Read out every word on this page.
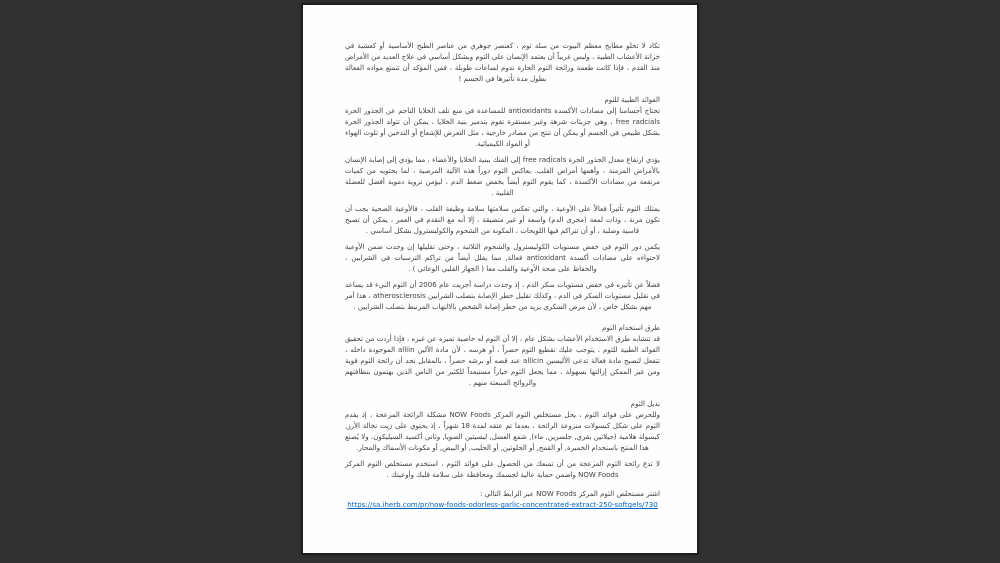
تكاد لا تخلو مطابخ معظم البيوت من سلة ثوم ، كعنصر جوهري من عناصر الطبخ الأساسية أو كعشبة في خزانة الأعشاب الطبية ، وليس غريباً أن يعتمد الإنسان على الثوم وبشكل أساسي في علاج العديد من الأمراض منذ القدم ، فإذا كانت طعمة ورائحة الثوم الحارة تدوم لساعات طويلة ، فمن المؤكد أن تتمتع مواده الفعالة بطول مدة تأثيرها في الجسم !

الفوائد الطبية للثوم

تحتاج أجسامنا إلى مضادات الأكسدة antioxidants للمساعدة في منع تلف الخلايا الناجم عن الجذور الحرة free radcials ، وهي جزيئات شرهة وغير مستقرة تقوم بتدمير بنية الخلايا ، يمكن أن تتولد الجذور الحرة بشكل طبيعي في الجسم أو يمكن أن تنتج من مصادر خارجية ، مثل التعرض للإشعاع أو التدخين أو تلوث الهواء أو المواد الكيميائية.

يؤدي ارتفاع معدل الجذور الحرة free radicals إلى الفتك ببنية الخلايا والأعضاء ، مما يؤدي إلى إصابة الإنسان بالأمراض المزمنة ، وأهمها أمراض القلب. يعاكس الثوم دوراً هذه الآلية المرضية ، لما يحتويه من كميات مرتفعة من مضادات الأكسدة ، كما يقوم الثوم أيضاً بخفض ضغط الدم ، ليؤمن تروية دموية أفضل للعضلة القلبية .

يمتلك الثوم تأثيراً فعالاً على الأوعية ، والتي تعكس سلامتها سلامة وظيفة القلب ، فالأوعية الصحية يجب أن تكون مرنة ، وذات لمعة (مجرى الدم) واسعة أو غير متضيقة ، إلا أنه مع التقدم في العمر ، يمكن أن تصبح قاسية وصلبة ، أو أن تتراكم فيها اللويحات ، المكونة من الشحوم والكوليسترول بشكل أساسي .

يكمن دور الثوم في خفض مستويات الكوليسترول والشحوم الثلاثية ، وحتى تقليلها إن وجدت ضمن الأوعية لاحتواءه على مضادات أكسدة antioxidant فعالة, مما يقلل أيضاً من تراكم الترسبات في الشرايين ، والحفاظ على صحة الأوعية والقلب معا ( الجهاز القلبي الوعائي ) .

فضلاً عن تأثيره في خفض مستويات سكر الدم ، إذ وجدت دراسة أجريت عام 2006 أن الثوم النيء قد يساعد في تقليل مستويات السكر في الدم ، وكذلك تقليل خطر الإصابة بتصلب الشرايين atherosclerosis ، هذا أمر مهم بشكل خاص ، لأن مرض السكري يزيد من خطر إصابة الشخص بالالتهاب المرتبط بتصلب الشرايين .

طرق استخدام الثوم

قد تتشابه طرق الاستخدام الأعشاب بشكل عام ، إلا أن الثوم له خاصية تميزه عن غيره ، فإذا أردت من تحقيق الفوائد الطبية للثوم ، يتوجب عليك تقطيع الثوم حصراً ، أو هرسه ، لأن مادة الألين alliin الموجودة داخله ، تتفعل لتصبح مادة فعالة تدعى الأليسين allicin عند قصه أو برشه حصراً ، بالمقابل نجد أن رائحة الثوم قوية ومن غير الممكن إزالتها بسهولة ، مما يجعل الثوم خياراً مستبعداً للكثير من الناس الذين يهتمون بنظافتهم والروائح المنبعثة منهم .

بديل الثوم

وللحرص على فوائد الثوم ، يحل مستخلص الثوم المركز NOW Foods مشكلة الرائحة المزعجة ، إذ يقدم الثوم على شكل كبسولات منزوعة الرائحة ، بعدما تم عتقه لمدة 18 شهراً ، إذ يحتوي على زيت نخالة الأرز, كبسولة هلامية (جيلاتين بقري, جلسرين, ماء), شمع العسل, ليسيثين الصويا, وثاني أكسيد السيليكون. ولا يُصنع هذا المنتج باستخدام الخميرة, أو القمح, أو الجلوتين, أو الحليب, أو البيض, أو مكونات الأسماك والمحار.

لا تدع رائحة الثوم المزعجة من أن تمنعك من الحصول على فوائد الثوم ، استخدم مستخلص الثوم المركز NOW Foods واضمن حماية عالية لجسمك ومحافظة على سلامة قلبك وأوعيتك .

اشتر مستخلص الثوم المركز NOW Foods عبر الرابط التالي :
https://sa.iherb.com/pr/now-foods-odorless-garlic-concentrated-extract-250-softgels/730
